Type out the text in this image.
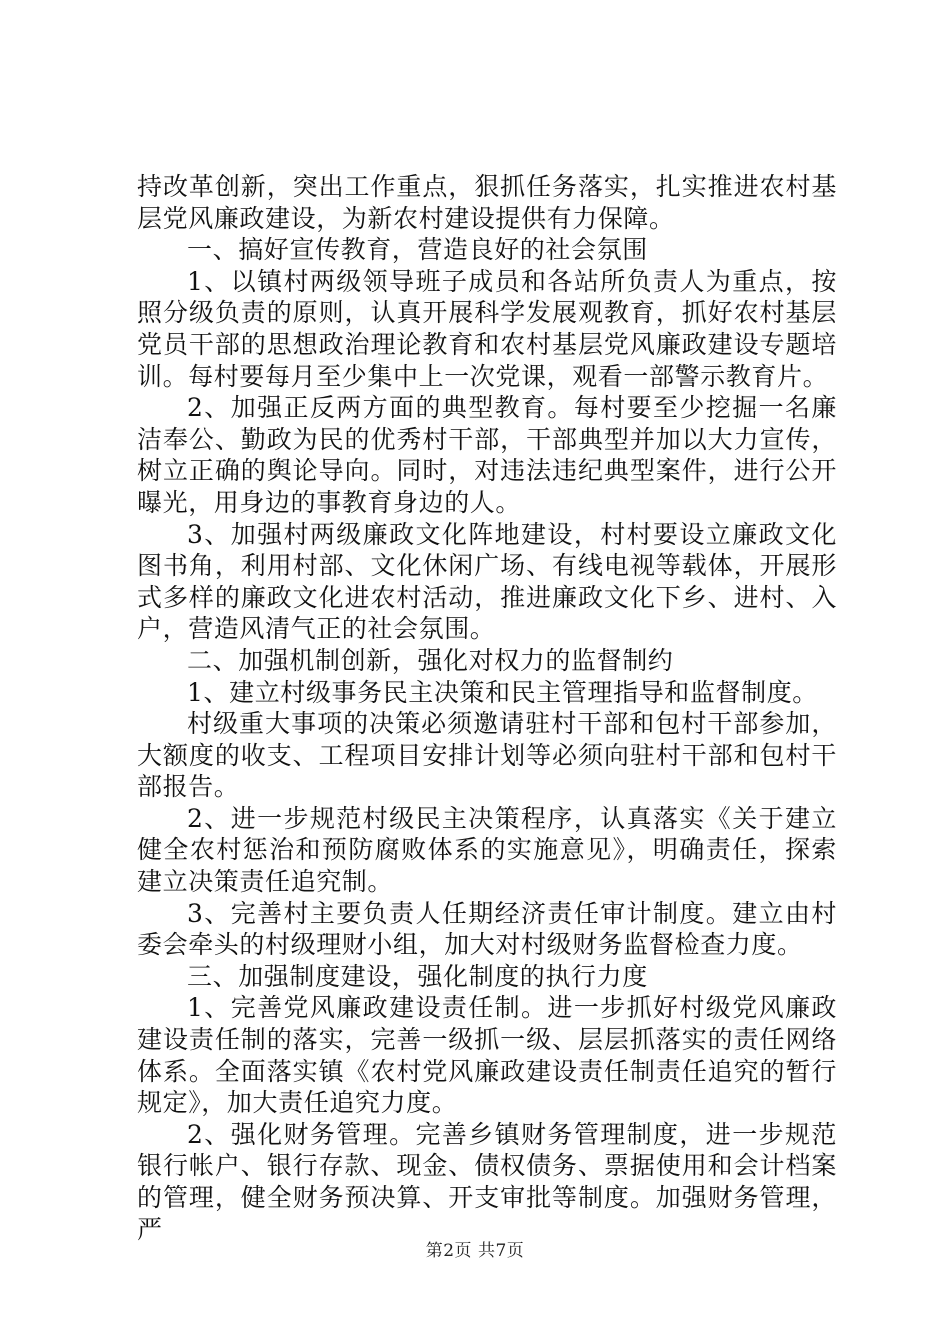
持改革创新，突出工作重点，狠抓任务落实，扎实推进农村基层党风廉政建设，为新农村建设提供有力保障。

一、搞好宣传教育，营造良好的社会氛围

1、以镇村两级领导班子成员和各站所负责人为重点，按照分级负责的原则，认真开展科学发展观教育，抓好农村基层党员干部的思想政治理论教育和农村基层党风廉政建设专题培训。每村要每月至少集中上一次党课，观看一部警示教育片。

2、加强正反两方面的典型教育。每村要至少挖掘一名廉洁奉公、勤政为民的优秀村干部，干部典型并加以大力宣传，树立正确的舆论导向。同时，对违法违纪典型案件，进行公开曝光，用身边的事教育身边的人。

3、加强村两级廉政文化阵地建设，村村要设立廉政文化图书角，利用村部、文化休闲广场、有线电视等载体，开展形式多样的廉政文化进农村活动，推进廉政文化下乡、进村、入户，营造风清气正的社会氛围。

二、加强机制创新，强化对权力的监督制约

1、建立村级事务民主决策和民主管理指导和监督制度。

村级重大事项的决策必须邀请驻村干部和包村干部参加，大额度的收支、工程项目安排计划等必须向驻村干部和包村干部报告。

2、进一步规范村级民主决策程序，认真落实《关于建立健全农村惩治和预防腐败体系的实施意见》，明确责任，探索建立决策责任追究制。

3、完善村主要负责人任期经济责任审计制度。建立由村委会牵头的村级理财小组，加大对村级财务监督检查力度。

三、加强制度建设，强化制度的执行力度

1、完善党风廉政建设责任制。进一步抓好村级党风廉政建设责任制的落实，完善一级抓一级、层层抓落实的责任网络体系。全面落实镇《农村党风廉政建设责任制责任追究的暂行规定》，加大责任追究力度。

2、强化财务管理。完善乡镇财务管理制度，进一步规范银行帐户、银行存款、现金、债权债务、票据使用和会计档案的管理，健全财务预决算、开支审批等制度。加强财务管理，严

第2页 共7页
